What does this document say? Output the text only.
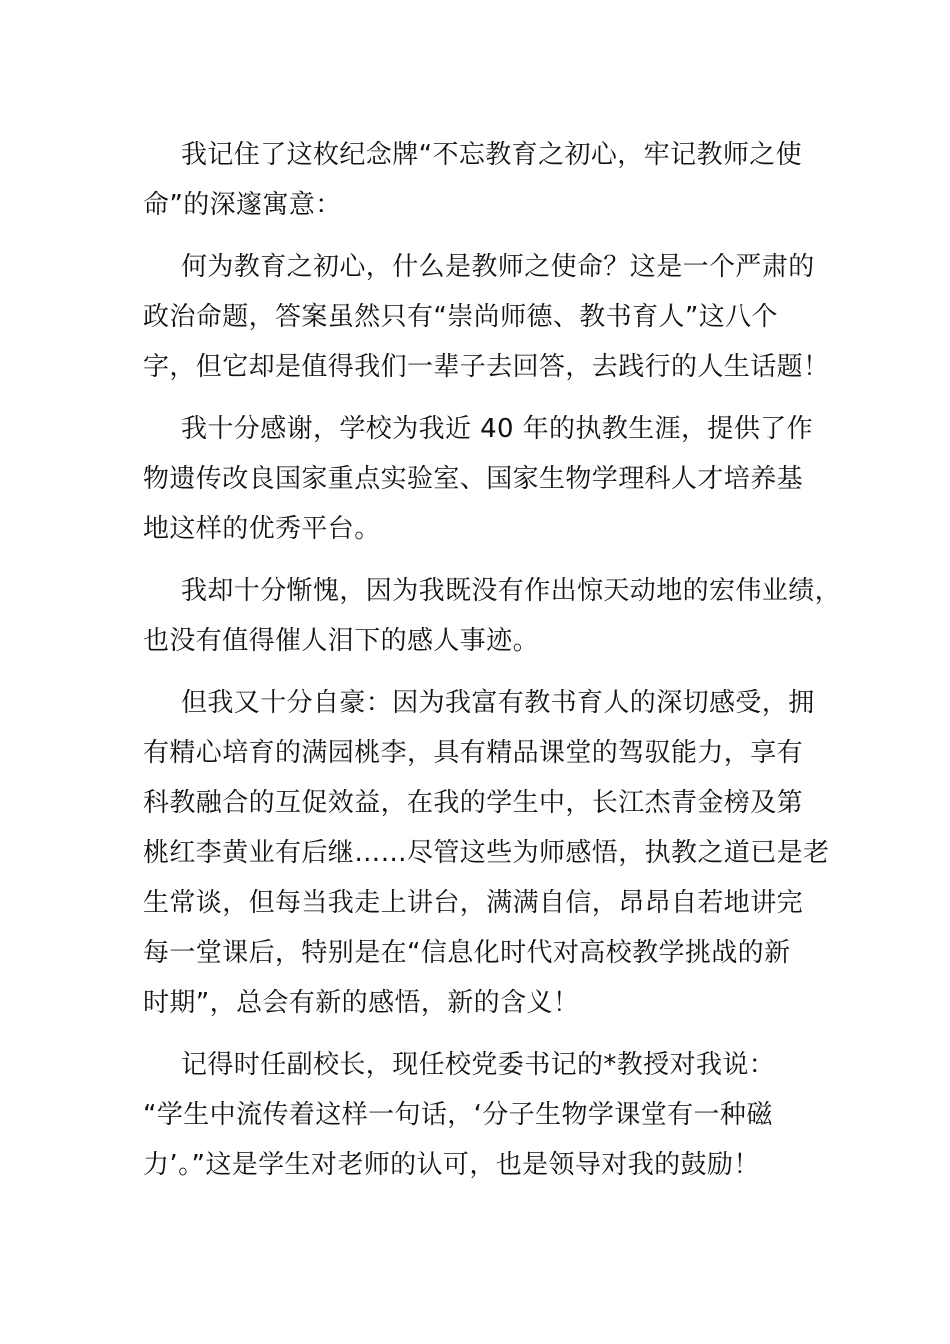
我记住了这枚纪念牌“不忘教育之初心，牢记教师之使
命”的深邃寓意：
何为教育之初心，什么是教师之使命？这是一个严肃的
政治命题，答案虽然只有“崇尚师德、教书育人”这八个
字，但它却是值得我们一辈子去回答，去践行的人生话题！
我十分感谢，学校为我近 40 年的执教生涯，提供了作
物遗传改良国家重点实验室、国家生物学理科人才培养基
地这样的优秀平台。
我却十分惭愧，因为我既没有作出惊天动地的宏伟业绩，
也没有值得催人泪下的感人事迹。
但我又十分自豪：因为我富有教书育人的深切感受，拥
有精心培育的满园桃李，具有精品课堂的驾驭能力，享有
科教融合的互促效益，在我的学生中，长江杰青金榜及第
桃红李黄业有后继……尽管这些为师感悟，执教之道已是老
生常谈，但每当我走上讲台，满满自信，昂昂自若地讲完
每一堂课后，特别是在“信息化时代对高校教学挑战的新
时期”，总会有新的感悟，新的含义！
记得时任副校长，现任校党委书记的*教授对我说：
“学生中流传着这样一句话，‘分子生物学课堂有一种磁
力’。”这是学生对老师的认可，也是领导对我的鼓励！
